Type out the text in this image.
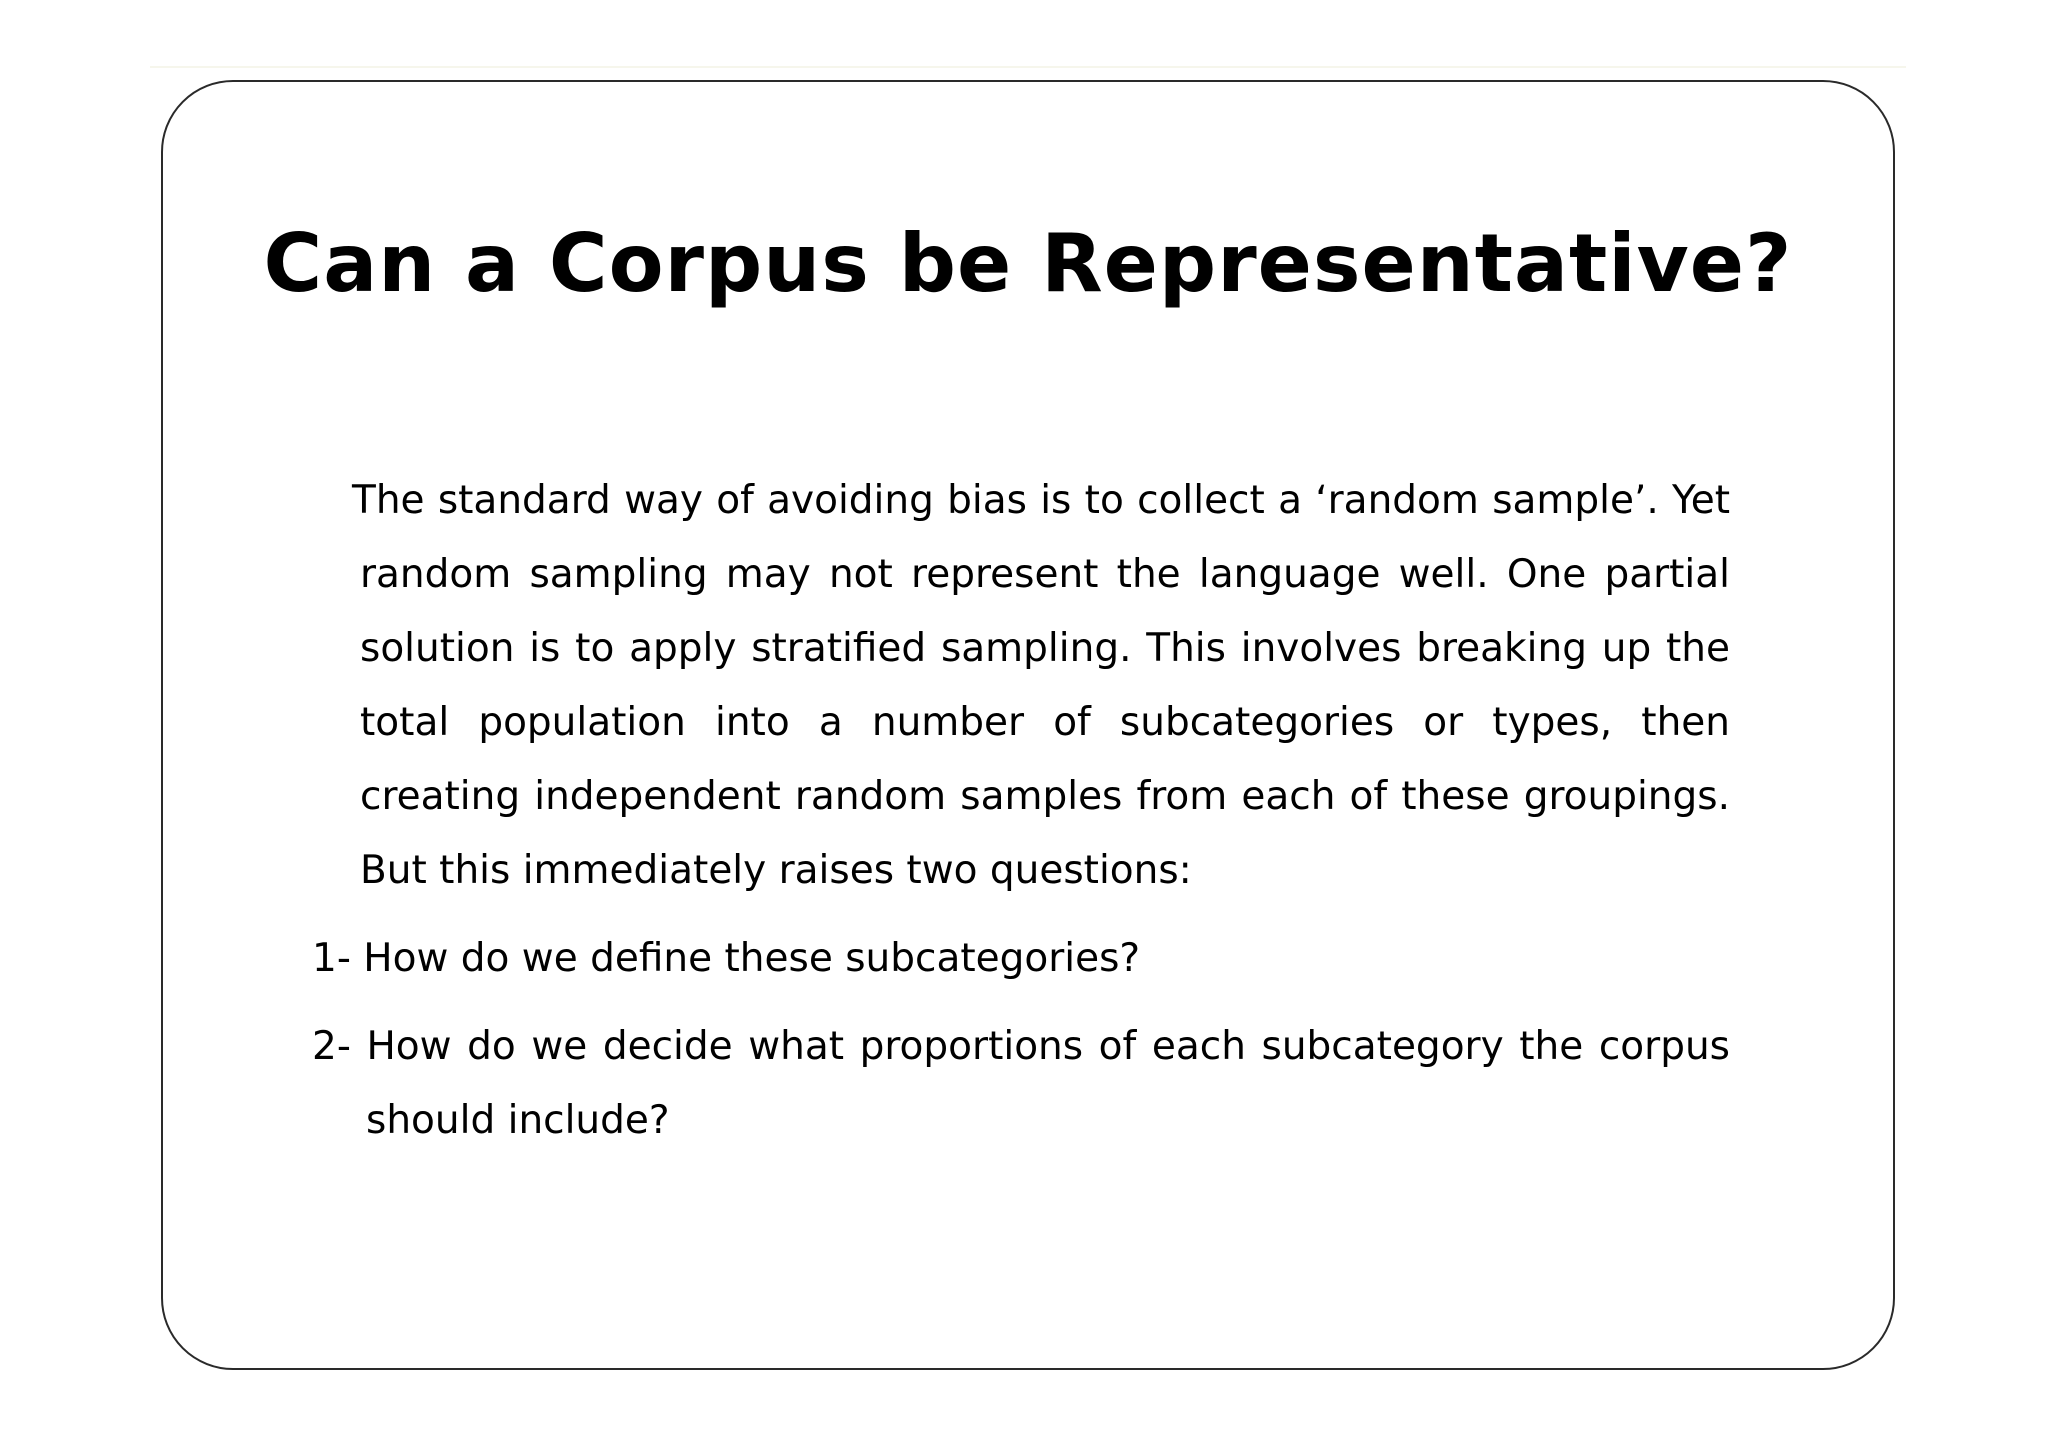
Can a Corpus be Representative?

The standard way of avoiding bias is to collect a ‘random sample’. Yet random sampling may not represent the language well. One partial solution is to apply stratified sampling. This involves breaking up the total population into a number of subcategories or types, then creating independent random samples from each of these groupings. But this immediately raises two questions:

1- How do we define these subcategories?
2- How do we decide what proportions of each subcategory the corpus should include?
